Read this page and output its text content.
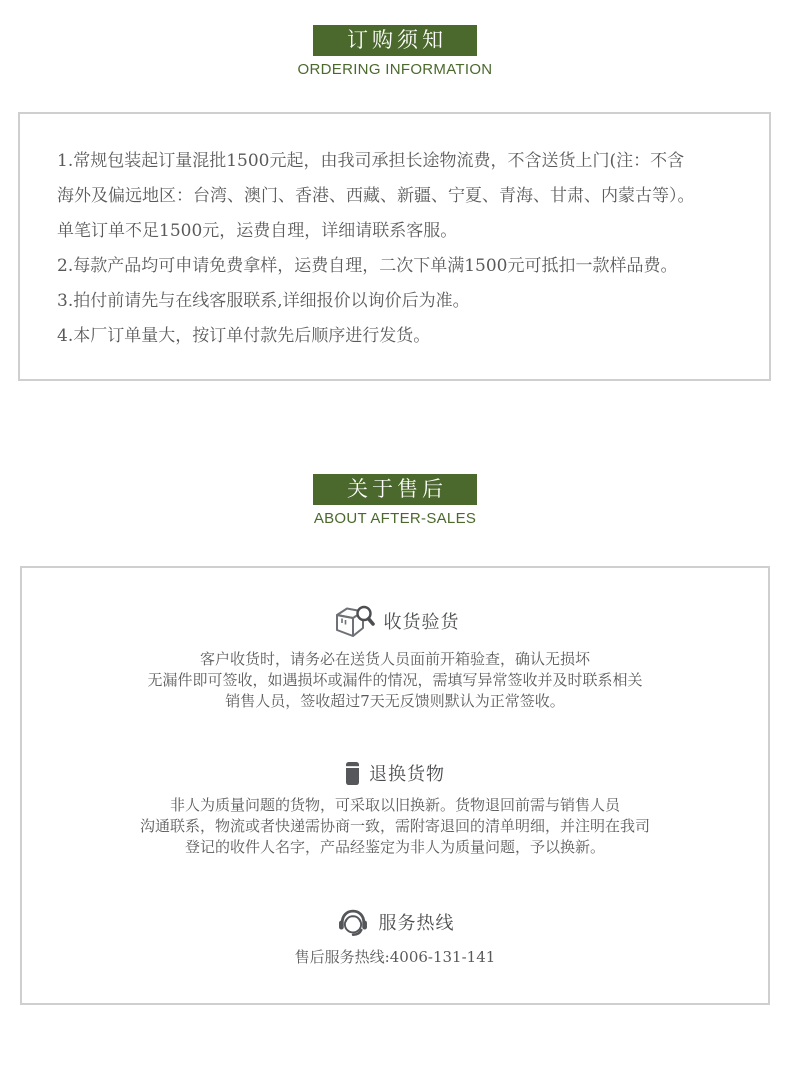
订购须知
ORDERING INFORMATION
1.常规包装起订量混批1500元起，由我司承担长途物流费，不含送货上门(注：不含
海外及偏远地区：台湾、澳门、香港、西藏、新疆、宁夏、青海、甘肃、内蒙古等）。
单笔订单不足1500元，运费自理，详细请联系客服。
2.每款产品均可申请免费拿样，运费自理，二次下单满1500元可抵扣一款样品费。
3.拍付前请先与在线客服联系,详细报价以询价后为准。
4.本厂订单量大，按订单付款先后顺序进行发货。
关于售后
ABOUT AFTER-SALES
收货验货
客户收货时，请务必在送货人员面前开箱验查，确认无损坏
无漏件即可签收，如遇损坏或漏件的情况，需填写异常签收并及时联系相关
销售人员，签收超过7天无反馈则默认为正常签收。
退换货物
非人为质量问题的货物，可采取以旧换新。货物退回前需与销售人员
沟通联系，物流或者快递需协商一致，需附寄退回的清单明细，并注明在我司
登记的收件人名字，产品经鉴定为非人为质量问题，予以换新。
服务热线
售后服务热线:4006-131-141
